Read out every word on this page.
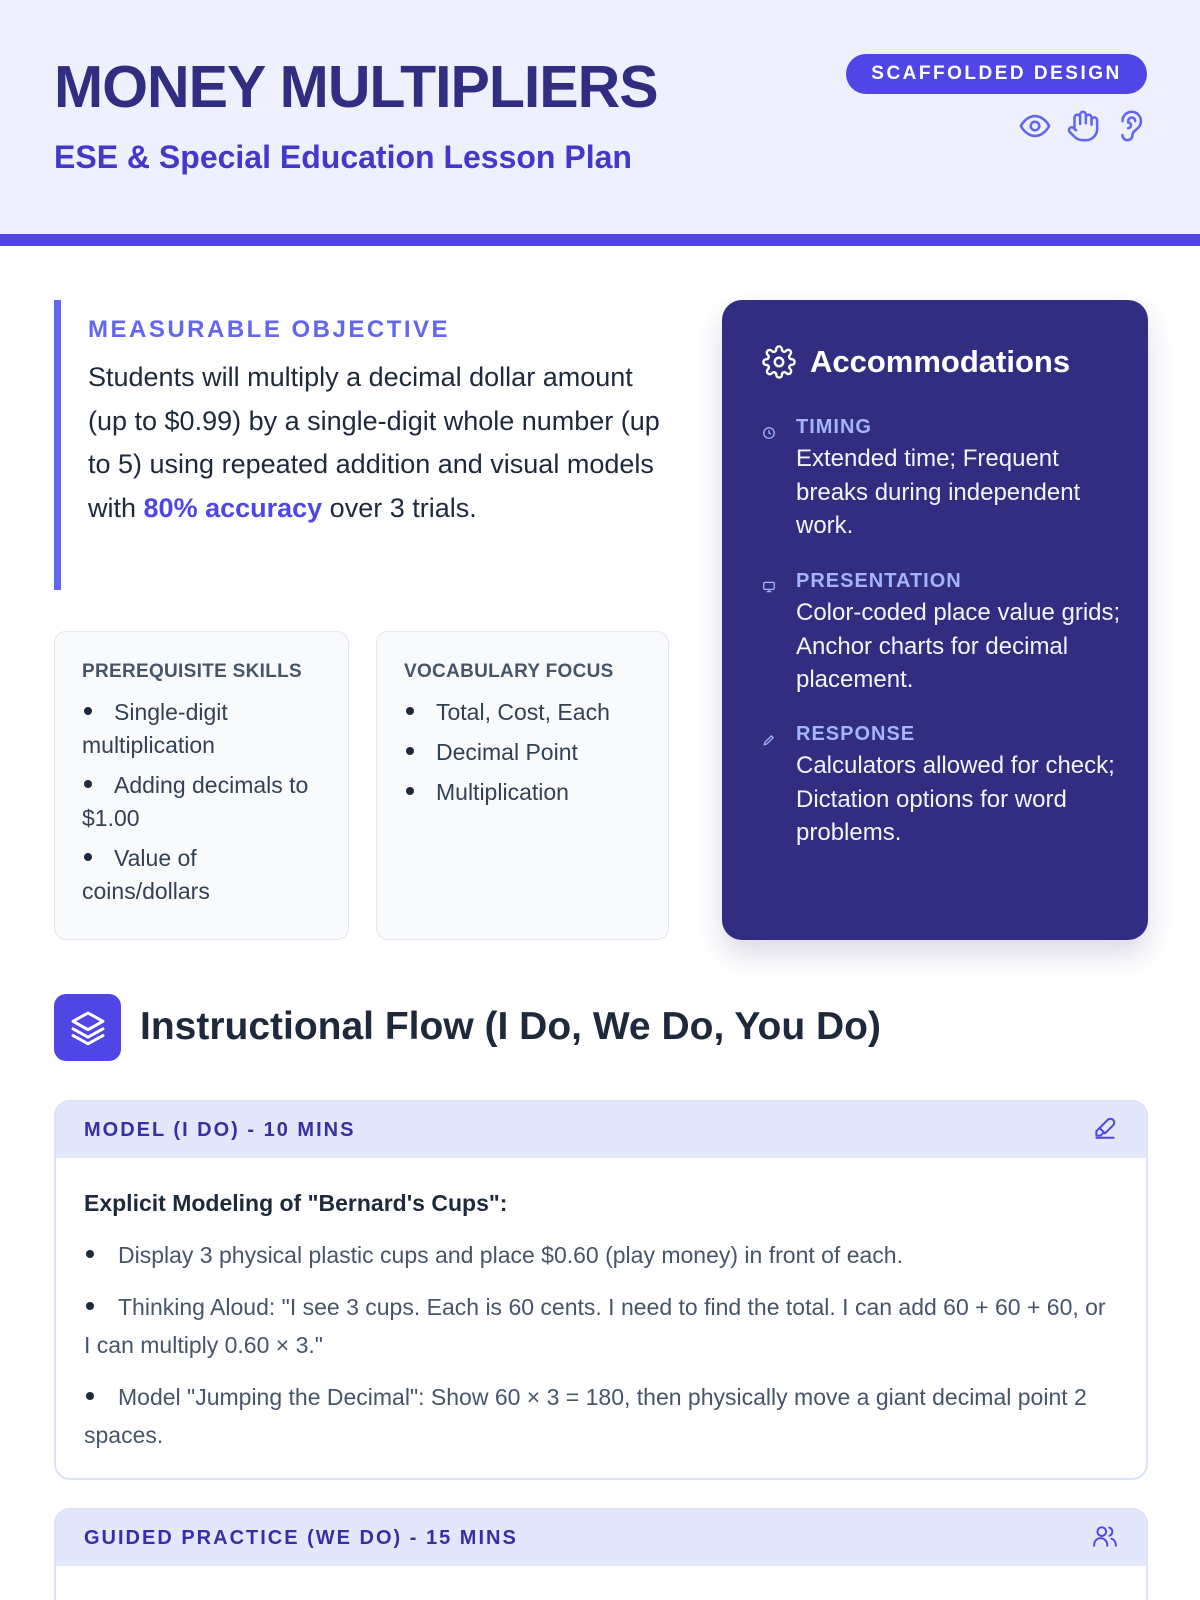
MONEY MULTIPLIERS
ESE & Special Education Lesson Plan
SCAFFOLDED DESIGN
MEASURABLE OBJECTIVE

Students will multiply a decimal dollar amount (up to $0.99) by a single-digit whole number (up to 5) using repeated addition and visual models with 80% accuracy over 3 trials.

PREREQUISITE SKILLS
Single-digit multiplication
Adding decimals to $1.00
Value of coins/dollars
VOCABULARY FOCUS
Total, Cost, Each
Decimal Point
Multiplication
Accommodations
TIMING
Extended time; Frequent breaks during independent work.
PRESENTATION
Color-coded place value grids; Anchor charts for decimal placement.
RESPONSE
Calculators allowed for check; Dictation options for word problems.
Instructional Flow (I Do, We Do, You Do)
MODEL (I DO) - 10 MINS
Explicit Modeling of "Bernard's Cups":
Display 3 physical plastic cups and place $0.60 (play money) in front of each.
Thinking Aloud: "I see 3 cups. Each is 60 cents. I need to find the total. I can add 60 + 60 + 60, or I can multiply 0.60 × 3."
Model "Jumping the Decimal": Show 60 × 3 = 180, then physically move a giant decimal point 2 spaces.
GUIDED PRACTICE (WE DO) - 15 MINS
